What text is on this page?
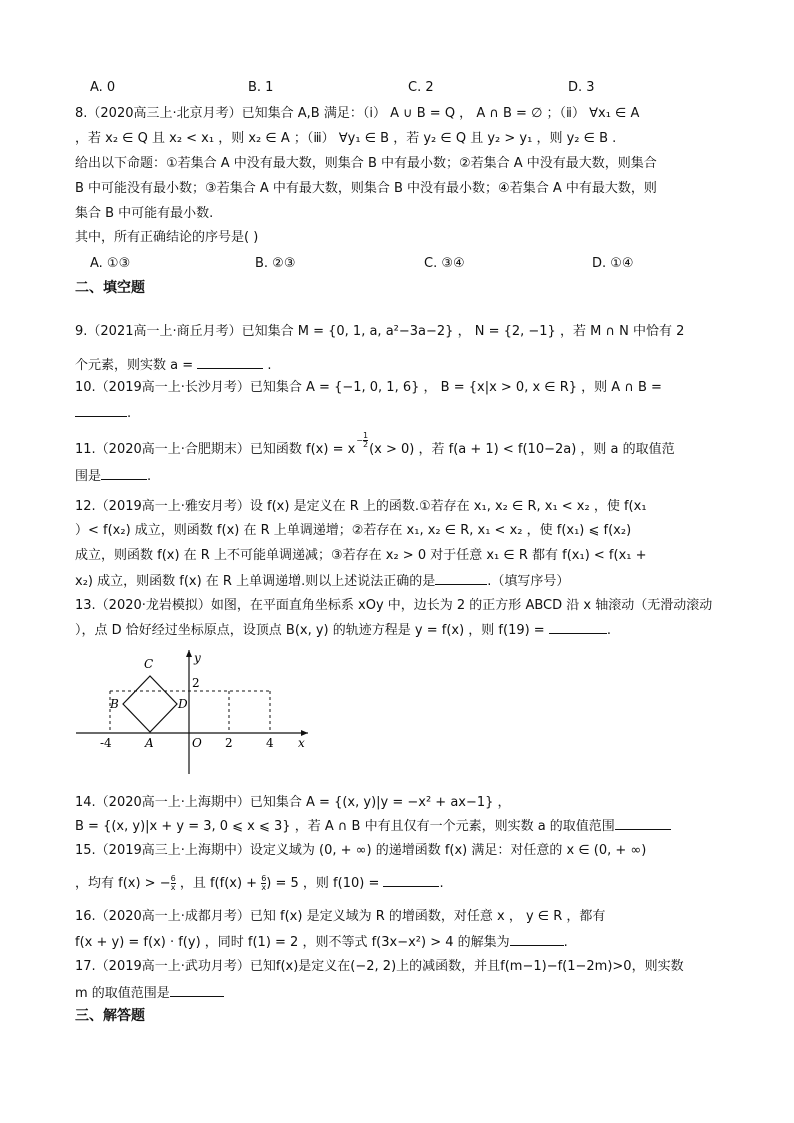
A. 0	B. 1	C. 2	D. 3
8.（2020高三上·北京月考）已知集合 A,B 满足：（ⅰ） A ∪ B = Q ， A ∩ B = ∅ ；（ⅱ） ∀x₁ ∈ A
，若 x₂ ∈ Q 且 x₂ < x₁ ，则 x₂ ∈ A ；（ⅲ） ∀y₁ ∈ B ，若 y₂ ∈ Q 且 y₂ > y₁ ，则 y₂ ∈ B .
给出以下命题：①若集合 A 中没有最大数，则集合 B 中有最小数；②若集合 A 中没有最大数，则集合
B 中可能没有最小数；③若集合 A 中有最大数，则集合 B 中没有最小数；④若集合 A 中有最大数，则
集合 B 中可能有最小数.
其中，所有正确结论的序号是( )
A. ①③	B. ②③	C. ③④	D. ①④
二、填空题
9.（2021高一上·商丘月考）已知集合 M = {0, 1, a, a²−3a−2} ， N = {2, −1} ，若 M ∩ N 中恰有 2
个元素，则实数 a =	.
10.（2019高一上·长沙月考）已知集合 A = {−1, 0, 1, 6} ， B = {x|x > 0, x ∈ R} ，则 A ∩ B =
.
11.（2020高一上·合肥期末）已知函数 $f(x) = x- \frac{1}{2}$
(x > 0) ，若 f(a + 1) < f(10−2a) ，则 a 的取值范
围是	.
12.（2019高一上·雅安月考）设 f(x) 是定义在 R 上的函数.①若存在 x₁, x₂ ∈ R, x₁ < x₂ ，使 f(x₁
）< f(x₂) 成立，则函数 f(x) 在 R 上单调递增；②若存在 x₁, x₂ ∈ R, x₁ < x₂ ，使 f(x₁) ⩽ f(x₂)
成立，则函数 f(x) 在 R 上不可能单调递减；③若存在 x₂ > 0 对于任意 x₁ ∈ R 都有 f(x₁) < f(x₁ +
x₂) 成立，则函数 f(x) 在 R 上单调递增.则以上述说法正确的是	.（填写序号）
13.（2020·龙岩模拟）如图，在平面直角坐标系 xOy 中，边长为 2 的正方形 ABCD 沿 x 轴滚动（无滑动滚动
），点 D 恰好经过坐标原点，设顶点 B(x, y) 的轨迹方程是 y = f(x) ，则 f(19) =	.
C
B	D
A	O
y
x
-4	2	4
2
14.（2020高一上·上海期中）已知集合 A = {(x, y)|y = −x² + ax−1} ，
B = {(x, y)|x + y = 3, 0 ⩽ x ⩽ 3} ，若 A ∩ B 中有且仅有一个元素，则实数 a 的取值范围
15.（2019高三上·上海期中）设定义域为 (0, + ∞) 的递增函数 f(x) 满足：对任意的 x ∈ (0, + ∞)
，均有 f(x) > − $\frac{6}{x}$ ，且 $f(f(x) + \frac{6}{x}$ ) = 5 ，则 f(10) =	.
16.（2020高一上·成都月考）已知 f(x) 是定义域为 R 的增函数，对任意 x ， y ∈ R ，都有
f(x + y) = f(x) · f(y) ，同时 f(1) = 2 ，则不等式 f(3x−x²) > 4 的解集为	.
17.（2019高一上·武功月考）已知f(x)是定义在(−2, 2)上的减函数，并且f(m−1)−f(1−2m)>0，则实数
m 的取值范围是
三、解答题
